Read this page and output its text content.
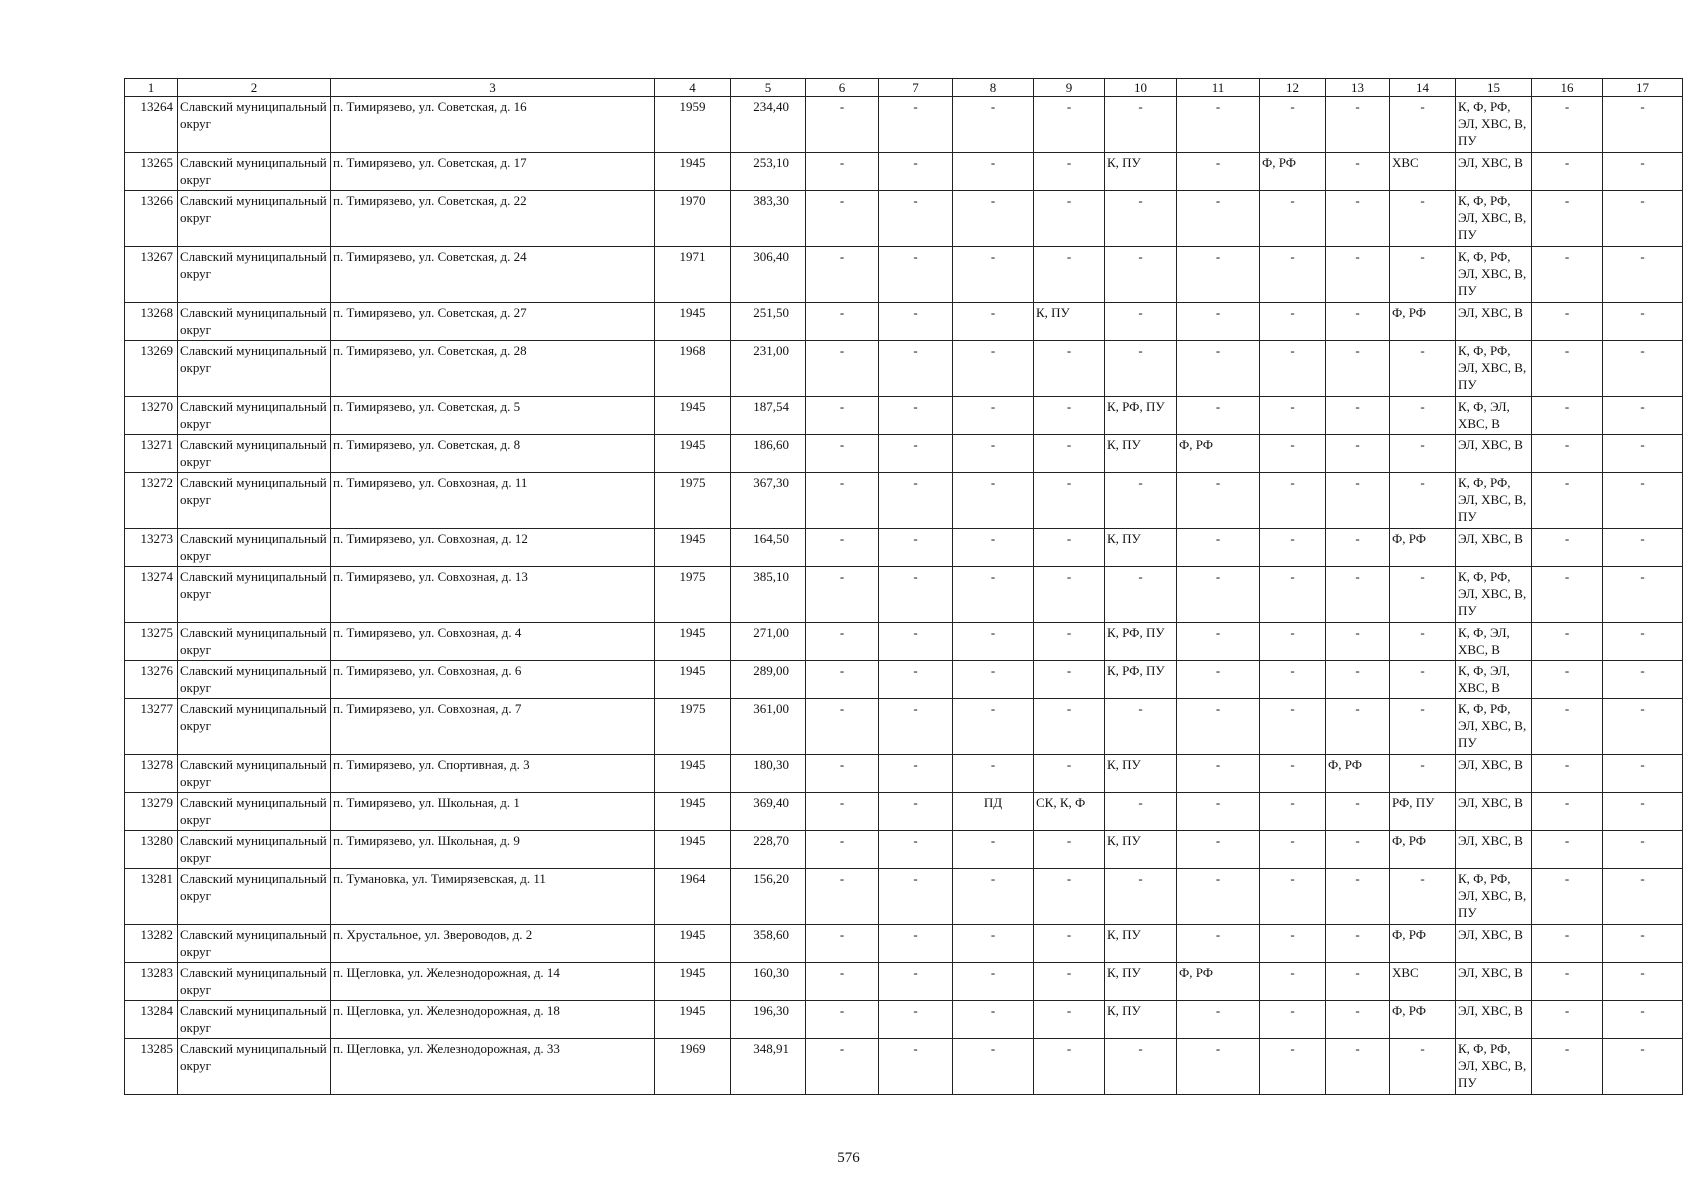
1	2	3	4	5	6	7	8	9	10	11	12	13	14	15	16	17
13264	Славский муниципальный округ	п. Тимирязево, ул. Советская, д. 16	1959	234,40	-	-	-	-	-	-	-	-	-	К, Ф, РФ, ЭЛ, ХВС, В, ПУ	-	-
13265	Славский муниципальный округ	п. Тимирязево, ул. Советская, д. 17	1945	253,10	-	-	-	-	К, ПУ	-	Ф, РФ	-	ХВС	ЭЛ, ХВС, В	-	-
13266	Славский муниципальный округ	п. Тимирязево, ул. Советская, д. 22	1970	383,30	-	-	-	-	-	-	-	-	-	К, Ф, РФ, ЭЛ, ХВС, В, ПУ	-	-
13267	Славский муниципальный округ	п. Тимирязево, ул. Советская, д. 24	1971	306,40	-	-	-	-	-	-	-	-	-	К, Ф, РФ, ЭЛ, ХВС, В, ПУ	-	-
13268	Славский муниципальный округ	п. Тимирязево, ул. Советская, д. 27	1945	251,50	-	-	-	К, ПУ	-	-	-	-	Ф, РФ	ЭЛ, ХВС, В	-	-
13269	Славский муниципальный округ	п. Тимирязево, ул. Советская, д. 28	1968	231,00	-	-	-	-	-	-	-	-	-	К, Ф, РФ, ЭЛ, ХВС, В, ПУ	-	-
13270	Славский муниципальный округ	п. Тимирязево, ул. Советская, д. 5	1945	187,54	-	-	-	-	К, РФ, ПУ	-	-	-	-	К, Ф, ЭЛ, ХВС, В	-	-
13271	Славский муниципальный округ	п. Тимирязево, ул. Советская, д. 8	1945	186,60	-	-	-	-	К, ПУ	Ф, РФ	-	-	-	ЭЛ, ХВС, В	-	-
13272	Славский муниципальный округ	п. Тимирязево, ул. Совхозная, д. 11	1975	367,30	-	-	-	-	-	-	-	-	-	К, Ф, РФ, ЭЛ, ХВС, В, ПУ	-	-
13273	Славский муниципальный округ	п. Тимирязево, ул. Совхозная, д. 12	1945	164,50	-	-	-	-	К, ПУ	-	-	-	Ф, РФ	ЭЛ, ХВС, В	-	-
13274	Славский муниципальный округ	п. Тимирязево, ул. Совхозная, д. 13	1975	385,10	-	-	-	-	-	-	-	-	-	К, Ф, РФ, ЭЛ, ХВС, В, ПУ	-	-
13275	Славский муниципальный округ	п. Тимирязево, ул. Совхозная, д. 4	1945	271,00	-	-	-	-	К, РФ, ПУ	-	-	-	-	К, Ф, ЭЛ, ХВС, В	-	-
13276	Славский муниципальный округ	п. Тимирязево, ул. Совхозная, д. 6	1945	289,00	-	-	-	-	К, РФ, ПУ	-	-	-	-	К, Ф, ЭЛ, ХВС, В	-	-
13277	Славский муниципальный округ	п. Тимирязево, ул. Совхозная, д. 7	1975	361,00	-	-	-	-	-	-	-	-	-	К, Ф, РФ, ЭЛ, ХВС, В, ПУ	-	-
13278	Славский муниципальный округ	п. Тимирязево, ул. Спортивная, д. 3	1945	180,30	-	-	-	-	К, ПУ	-	-	Ф, РФ	-	ЭЛ, ХВС, В	-	-
13279	Славский муниципальный округ	п. Тимирязево, ул. Школьная, д. 1	1945	369,40	-	-	ПД	СК, К, Ф	-	-	-	-	РФ, ПУ	ЭЛ, ХВС, В	-	-
13280	Славский муниципальный округ	п. Тимирязево, ул. Школьная, д. 9	1945	228,70	-	-	-	-	К, ПУ	-	-	-	Ф, РФ	ЭЛ, ХВС, В	-	-
13281	Славский муниципальный округ	п. Тумановка, ул. Тимирязевская, д. 11	1964	156,20	-	-	-	-	-	-	-	-	-	К, Ф, РФ, ЭЛ, ХВС, В, ПУ	-	-
13282	Славский муниципальный округ	п. Хрустальное, ул. Звероводов, д. 2	1945	358,60	-	-	-	-	К, ПУ	-	-	-	Ф, РФ	ЭЛ, ХВС, В	-	-
13283	Славский муниципальный округ	п. Щегловка, ул. Железнодорожная, д. 14	1945	160,30	-	-	-	-	К, ПУ	Ф, РФ	-	-	ХВС	ЭЛ, ХВС, В	-	-
13284	Славский муниципальный округ	п. Щегловка, ул. Железнодорожная, д. 18	1945	196,30	-	-	-	-	К, ПУ	-	-	-	Ф, РФ	ЭЛ, ХВС, В	-	-
13285	Славский муниципальный округ	п. Щегловка, ул. Железнодорожная, д. 33	1969	348,91	-	-	-	-	-	-	-	-	-	К, Ф, РФ, ЭЛ, ХВС, В, ПУ	-	-
576
